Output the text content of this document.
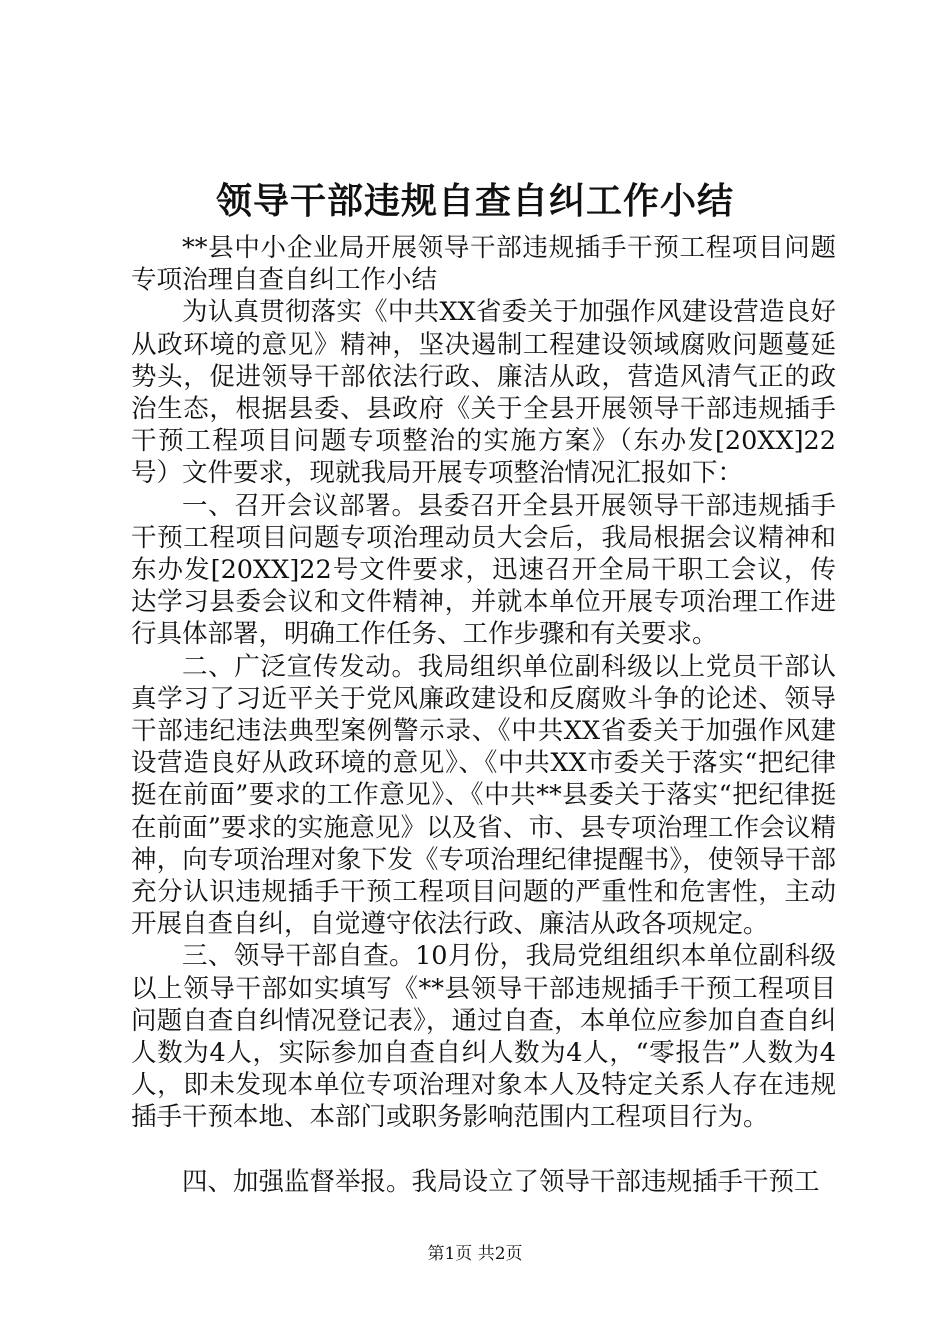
领导干部违规自查自纠工作小结

**县中小企业局开展领导干部违规插手干预工程项目问题专项治理自查自纠工作小结

为认真贯彻落实《中共XX省委关于加强作风建设营造良好从政环境的意见》精神，坚决遏制工程建设领域腐败问题蔓延势头，促进领导干部依法行政、廉洁从政，营造风清气正的政治生态，根据县委、县政府《关于全县开展领导干部违规插手干预工程项目问题专项整治的实施方案》（东办发[20XX]22号）文件要求，现就我局开展专项整治情况汇报如下：

一、召开会议部署。县委召开全县开展领导干部违规插手干预工程项目问题专项治理动员大会后，我局根据会议精神和东办发[20XX]22号文件要求，迅速召开全局干职工会议，传达学习县委会议和文件精神，并就本单位开展专项治理工作进行具体部署，明确工作任务、工作步骤和有关要求。

二、广泛宣传发动。我局组织单位副科级以上党员干部认真学习了习近平关于党风廉政建设和反腐败斗争的论述、领导干部违纪违法典型案例警示录、《中共XX省委关于加强作风建设营造良好从政环境的意见》、《中共XX市委关于落实“把纪律挺在前面”要求的工作意见》、《中共**县委关于落实“把纪律挺在前面”要求的实施意见》以及省、市、县专项治理工作会议精神，向专项治理对象下发《专项治理纪律提醒书》，使领导干部充分认识违规插手干预工程项目问题的严重性和危害性，主动开展自查自纠，自觉遵守依法行政、廉洁从政各项规定。

三、领导干部自查。10月份，我局党组组织本单位副科级以上领导干部如实填写《**县领导干部违规插手干预工程项目问题自查自纠情况登记表》，通过自查，本单位应参加自查自纠人数为4人，实际参加自查自纠人数为4人，“零报告”人数为4人，即未发现本单位专项治理对象本人及特定关系人存在违规插手干预本地、本部门或职务影响范围内工程项目行为。

四、加强监督举报。我局设立了领导干部违规插手干预工

第1页 共2页
